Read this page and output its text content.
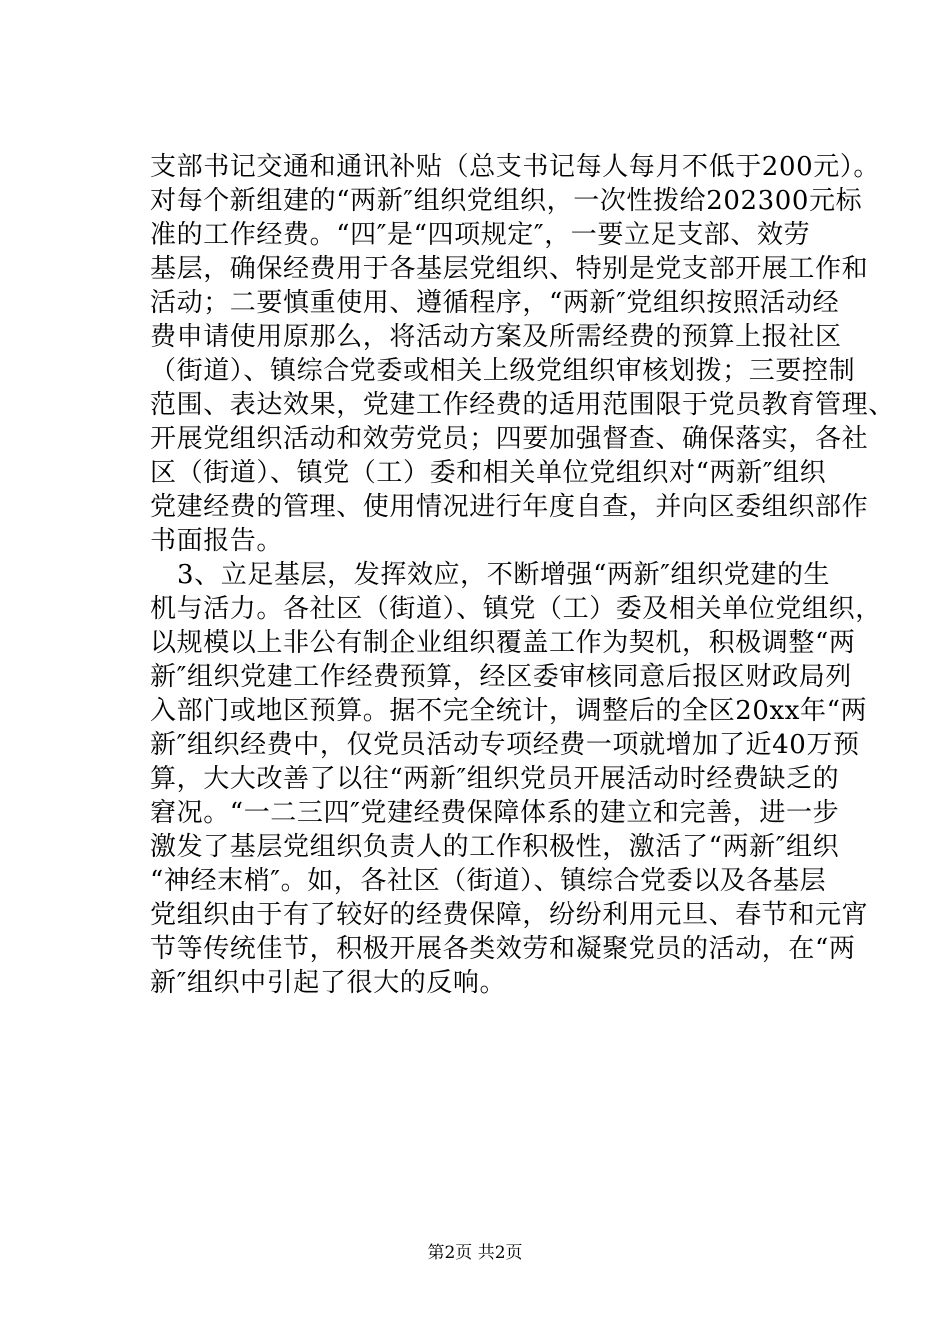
支部书记交通和通讯补贴（总支书记每人每月不低于200元）。
对每个新组建的“两新″组织党组织，一次性拨给202300元标
准的工作经费。“四″是“四项规定″，一要立足支部、效劳
基层，确保经费用于各基层党组织、特别是党支部开展工作和
活动；二要慎重使用、遵循程序，“两新″党组织按照活动经
费申请使用原那么，将活动方案及所需经费的预算上报社区
（街道）、镇综合党委或相关上级党组织审核划拨；三要控制
范围、表达效果，党建工作经费的适用范围限于党员教育管理、
开展党组织活动和效劳党员；四要加强督查、确保落实，各社
区（街道）、镇党（工）委和相关单位党组织对“两新″组织
党建经费的管理、使用情况进行年度自查，并向区委组织部作
书面报告。
3、立足基层，发挥效应，不断增强“两新″组织党建的生
机与活力。各社区（街道）、镇党（工）委及相关单位党组织，
以规模以上非公有制企业组织覆盖工作为契机，积极调整“两
新″组织党建工作经费预算，经区委审核同意后报区财政局列
入部门或地区预算。据不完全统计，调整后的全区20xx年“两
新″组织经费中，仅党员活动专项经费一项就增加了近40万预
算，大大改善了以往“两新″组织党员开展活动时经费缺乏的
窘况。“一二三四″党建经费保障体系的建立和完善，进一步
激发了基层党组织负责人的工作积极性，激活了“两新″组织
“神经末梢″。如，各社区（街道）、镇综合党委以及各基层
党组织由于有了较好的经费保障，纷纷利用元旦、春节和元宵
节等传统佳节，积极开展各类效劳和凝聚党员的活动，在“两
新″组织中引起了很大的反响。
第2页 共2页
